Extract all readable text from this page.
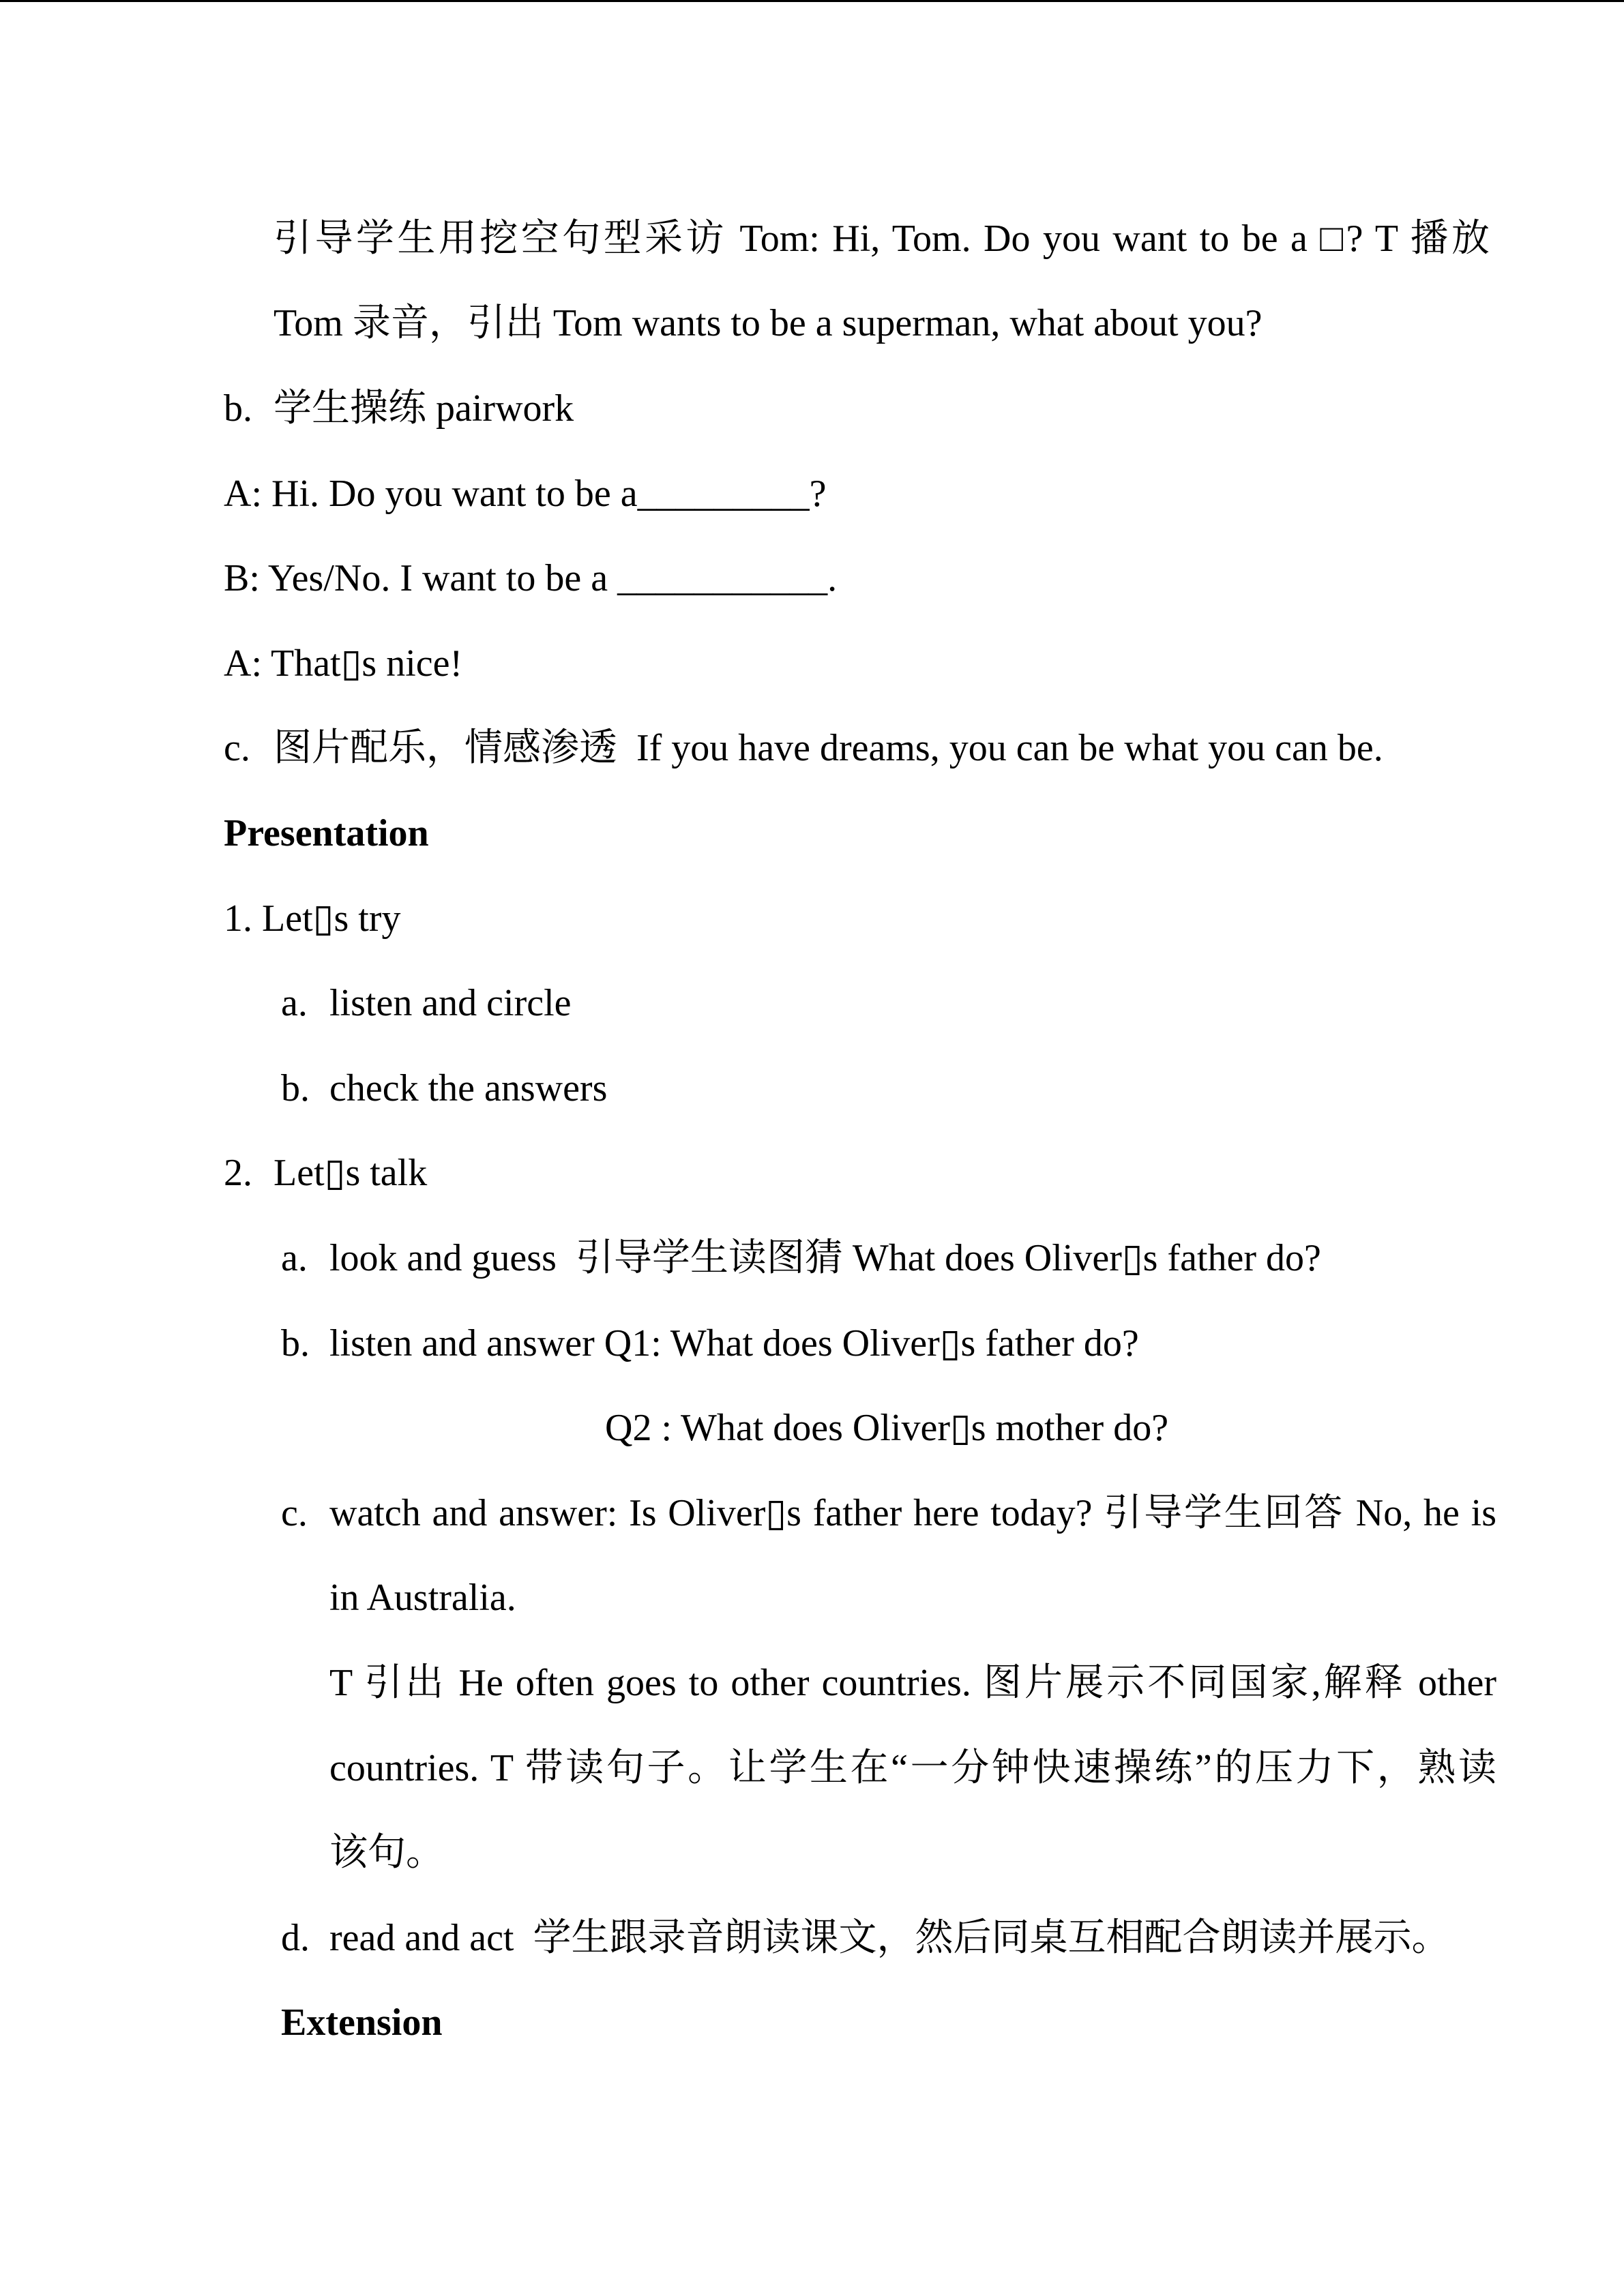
引导学生用挖空句型采访 Tom: Hi, Tom. Do you want to be a □? T 播放
Tom 录音，引出 Tom wants to be a superman, what about you?
b. 学生操练 pairwork
A: Hi. Do you want to be a_________?
B: Yes/No. I want to be a ___________.
A: That▯s nice!
c. 图片配乐，情感渗透  If you have dreams, you can be what you can be.
Presentation
1. Let▯s try
a. listen and circle
b. check the answers
2. Let▯s talk
a. look and guess  引导学生读图猜 What does Oliver▯s father do?
b. listen and answer Q1: What does Oliver▯s father do?
Q2 : What does Oliver▯s mother do?
c. watch and answer: Is Oliver▯s father here today? 引导学生回答 No, he is
in Australia.
T 引出 He often goes to other countries. 图片展示不同国家,解释 other
countries. T 带读句子。让学生在“一分钟快速操练”的压力下，熟读
该句。
d. read and act  学生跟录音朗读课文，然后同桌互相配合朗读并展示。
Extension
